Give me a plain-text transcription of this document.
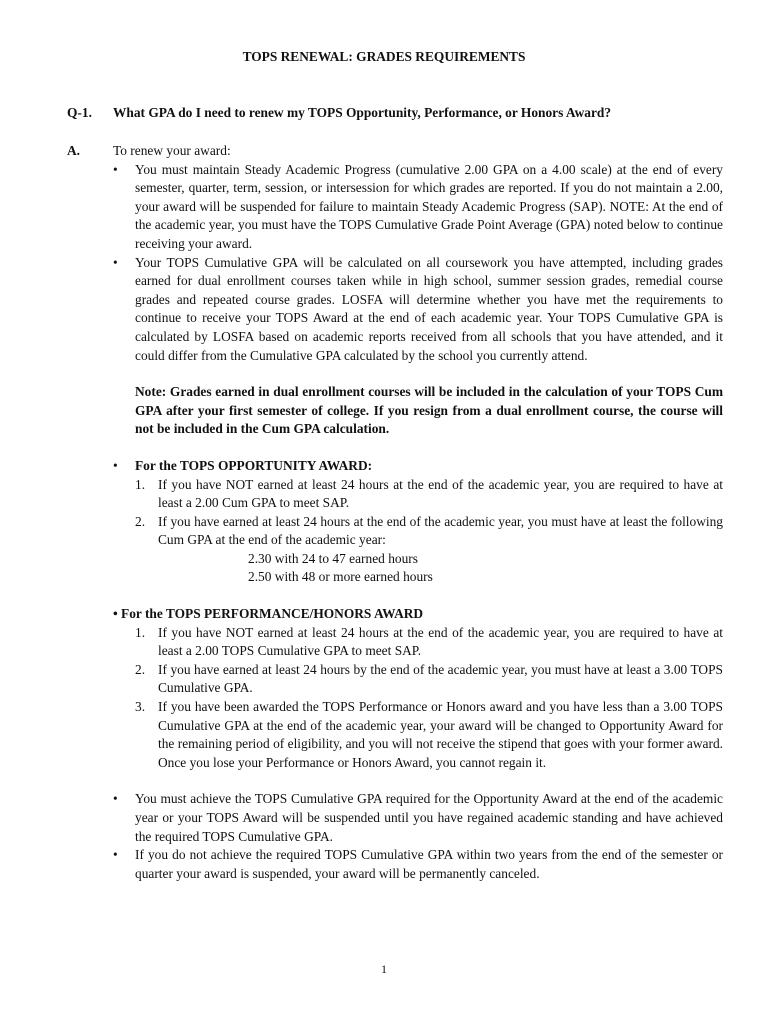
TOPS RENEWAL: GRADES REQUIREMENTS
Q-1. What GPA do I need to renew my TOPS Opportunity, Performance, or Honors Award?
A. To renew your award:

• You must maintain Steady Academic Progress (cumulative 2.00 GPA on a 4.00 scale) at the end of every semester, quarter, term, session, or intersession for which grades are reported. If you do not maintain a 2.00, your award will be suspended for failure to maintain Steady Academic Progress (SAP). NOTE: At the end of the academic year, you must have the TOPS Cumulative Grade Point Average (GPA) noted below to continue receiving your award.
• Your TOPS Cumulative GPA will be calculated on all coursework you have attempted, including grades earned for dual enrollment courses taken while in high school, summer session grades, remedial course grades and repeated course grades. LOSFA will determine whether you have met the requirements to continue to receive your TOPS Award at the end of each academic year. Your TOPS Cumulative GPA is calculated by LOSFA based on academic reports received from all schools that you have attended, and it could differ from the Cumulative GPA calculated by the school you currently attend.
Note: Grades earned in dual enrollment courses will be included in the calculation of your TOPS Cum GPA after your first semester of college. If you resign from a dual enrollment course, the course will not be included in the Cum GPA calculation.
• For the TOPS OPPORTUNITY AWARD:
1. If you have NOT earned at least 24 hours at the end of the academic year, you are required to have at least a 2.00 Cum GPA to meet SAP.
2. If you have earned at least 24 hours at the end of the academic year, you must have at least the following Cum GPA at the end of the academic year:
2.30 with 24 to 47 earned hours
2.50 with 48 or more earned hours
• For the TOPS PERFORMANCE/HONORS AWARD
1. If you have NOT earned at least 24 hours at the end of the academic year, you are required to have at least a 2.00 TOPS Cumulative GPA to meet SAP.
2. If you have earned at least 24 hours by the end of the academic year, you must have at least a 3.00 TOPS Cumulative GPA.
3. If you have been awarded the TOPS Performance or Honors award and you have less than a 3.00 TOPS Cumulative GPA at the end of the academic year, your award will be changed to Opportunity Award for the remaining period of eligibility, and you will not receive the stipend that goes with your former award. Once you lose your Performance or Honors Award, you cannot regain it.
• You must achieve the TOPS Cumulative GPA required for the Opportunity Award at the end of the academic year or your TOPS Award will be suspended until you have regained academic standing and have achieved the required TOPS Cumulative GPA.
• If you do not achieve the required TOPS Cumulative GPA within two years from the end of the semester or quarter your award is suspended, your award will be permanently canceled.
1
